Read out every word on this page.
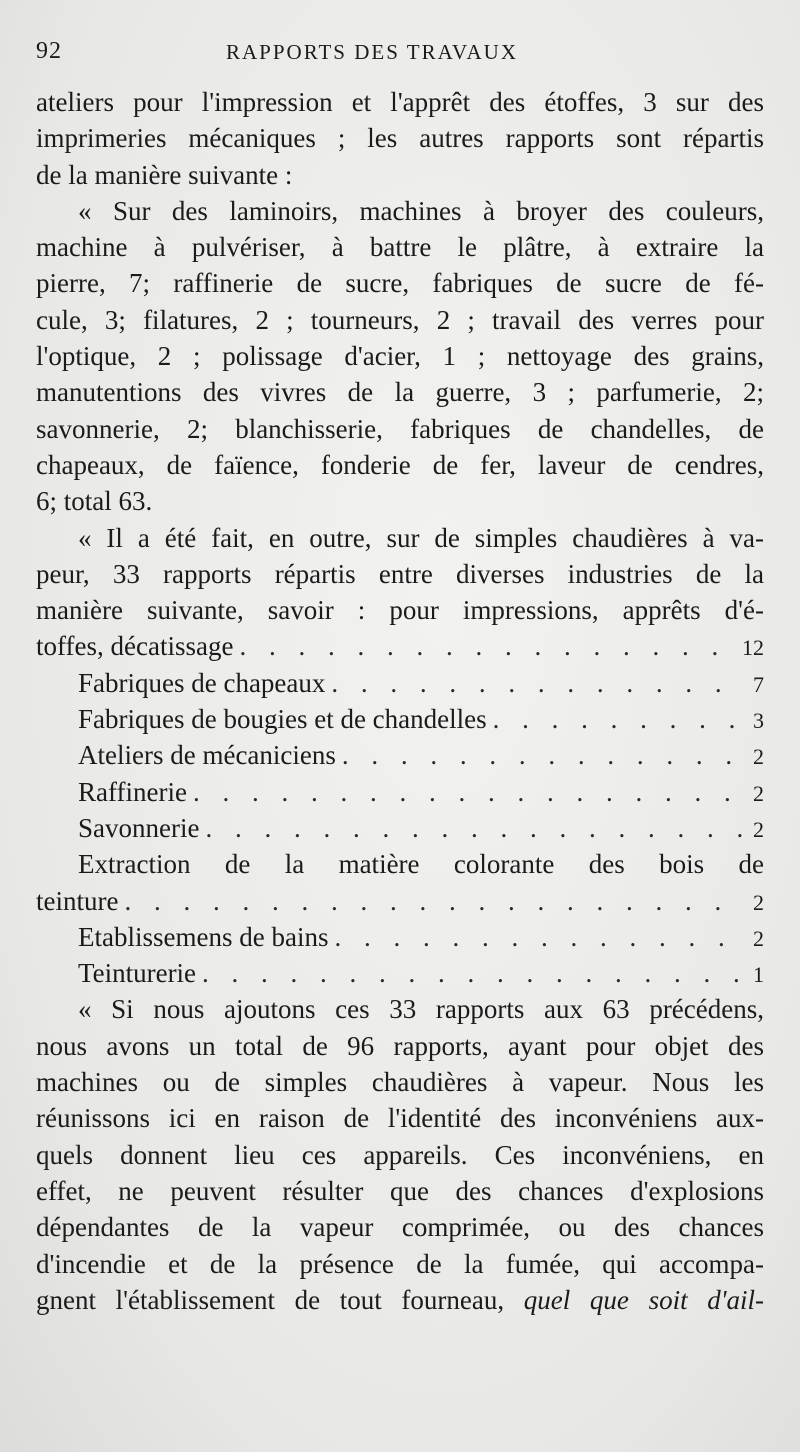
92	RAPPORTS DES TRAVAUX
ateliers pour l'impression et l'apprêt des étoffes, 3 sur des
imprimeries mécaniques ; les autres rapports sont répartis
de la manière suivante :
« Sur des laminoirs, machines à broyer des couleurs,
machine à pulvériser, à battre le plâtre, à extraire la
pierre, 7; raffinerie de sucre, fabriques de sucre de fé-
cule, 3; filatures, 2 ; tourneurs, 2 ; travail des verres pour
l'optique, 2 ; polissage d'acier, 1 ; nettoyage des grains,
manutentions des vivres de la guerre, 3 ; parfumerie, 2;
savonnerie, 2; blanchisserie, fabriques de chandelles, de
chapeaux, de faïence, fonderie de fer, laveur de cendres,
6; total 63.
« Il a été fait, en outre, sur de simples chaudières à va-
peur, 33 rapports répartis entre diverses industries de la
manière suivante, savoir : pour impressions, apprêts d'é-
toffes, décatissage . . .	12
Fabriques de chapeaux . . .	7
Fabriques de bougies et de chandelles . . .	3
Ateliers de mécaniciens . . .	2
Raffinerie . . .	2
Savonnerie . . .	2
Extraction de la matière colorante des bois de
teinture . . .	2
Etablissemens de bains . . .	2
Teinturerie . . .	1
« Si nous ajoutons ces 33 rapports aux 63 précédens,
nous avons un total de 96 rapports, ayant pour objet des
machines ou de simples chaudières à vapeur. Nous les
réunissons ici en raison de l'identité des inconvéniens aux-
quels donnent lieu ces appareils. Ces inconvéniens, en
effet, ne peuvent résulter que des chances d'explosions
dépendantes de la vapeur comprimée, ou des chances
d'incendie et de la présence de la fumée, qui accompa-
gnent l'établissement de tout fourneau, quel que soit d'ail-
